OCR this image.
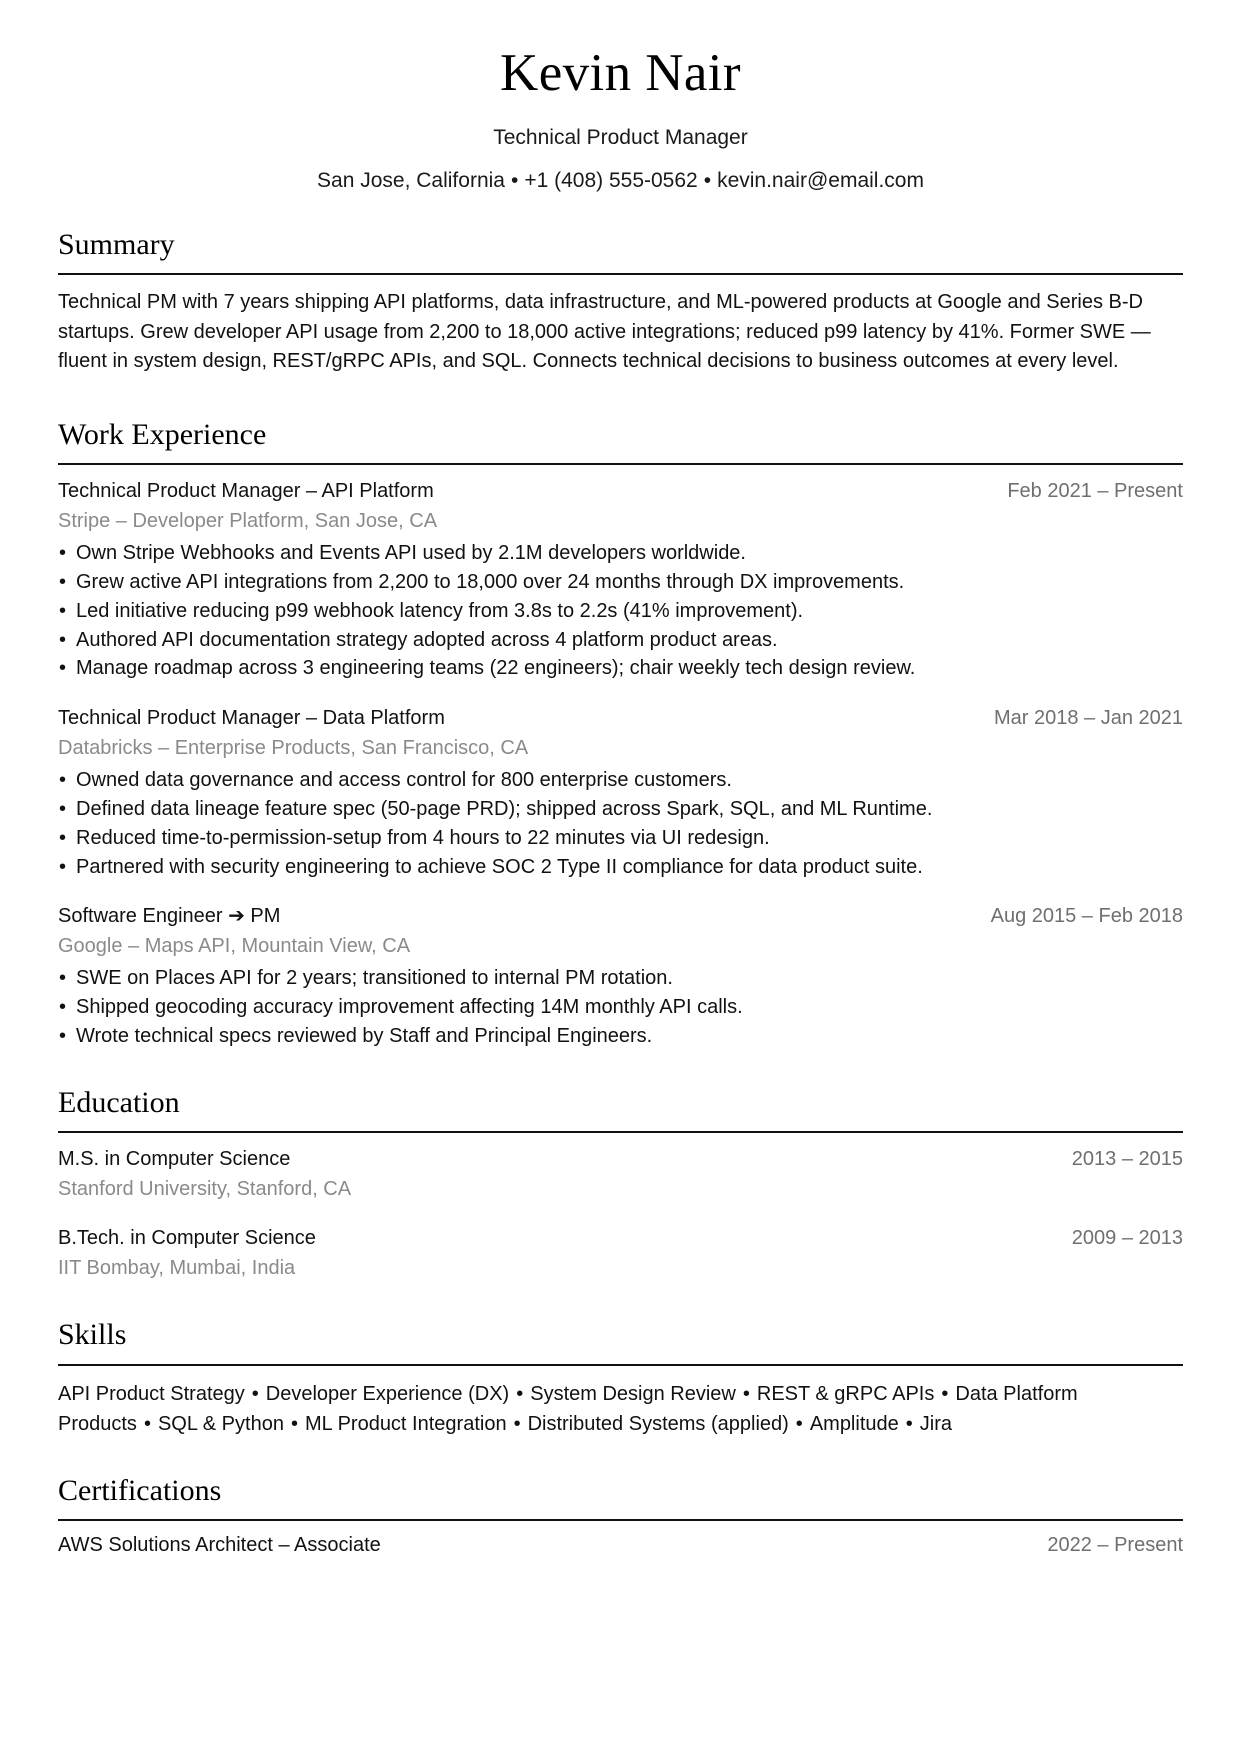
Kevin Nair
Technical Product Manager
San Jose, California • +1 (408) 555-0562 • kevin.nair@email.com
Summary

Technical PM with 7 years shipping API platforms, data infrastructure, and ML-powered products at Google and Series B-D startups. Grew developer API usage from 2,200 to 18,000 active integrations; reduced p99 latency by 41%. Former SWE — fluent in system design, REST/gRPC APIs, and SQL. Connects technical decisions to business outcomes at every level.

Work Experience
Technical Product Manager – API Platform	Feb 2021 – Present
Stripe – Developer Platform, San Jose, CA
• Own Stripe Webhooks and Events API used by 2.1M developers worldwide.
• Grew active API integrations from 2,200 to 18,000 over 24 months through DX improvements.
• Led initiative reducing p99 webhook latency from 3.8s to 2.2s (41% improvement).
• Authored API documentation strategy adopted across 4 platform product areas.
• Manage roadmap across 3 engineering teams (22 engineers); chair weekly tech design review.
Technical Product Manager – Data Platform	Mar 2018 – Jan 2021
Databricks – Enterprise Products, San Francisco, CA
• Owned data governance and access control for 800 enterprise customers.
• Defined data lineage feature spec (50-page PRD); shipped across Spark, SQL, and ML Runtime.
• Reduced time-to-permission-setup from 4 hours to 22 minutes via UI redesign.
• Partnered with security engineering to achieve SOC 2 Type II compliance for data product suite.
Software Engineer ➔ PM	Aug 2015 – Feb 2018
Google – Maps API, Mountain View, CA
• SWE on Places API for 2 years; transitioned to internal PM rotation.
• Shipped geocoding accuracy improvement affecting 14M monthly API calls.
• Wrote technical specs reviewed by Staff and Principal Engineers.
Education
M.S. in Computer Science	2013 – 2015
Stanford University, Stanford, CA
B.Tech. in Computer Science	2009 – 2013
IIT Bombay, Mumbai, India
Skills
API Product Strategy • Developer Experience (DX) • System Design Review • REST & gRPC APIs • Data Platform Products • SQL & Python • ML Product Integration • Distributed Systems (applied) • Amplitude • Jira
Certifications
AWS Solutions Architect – Associate	2022 – Present
